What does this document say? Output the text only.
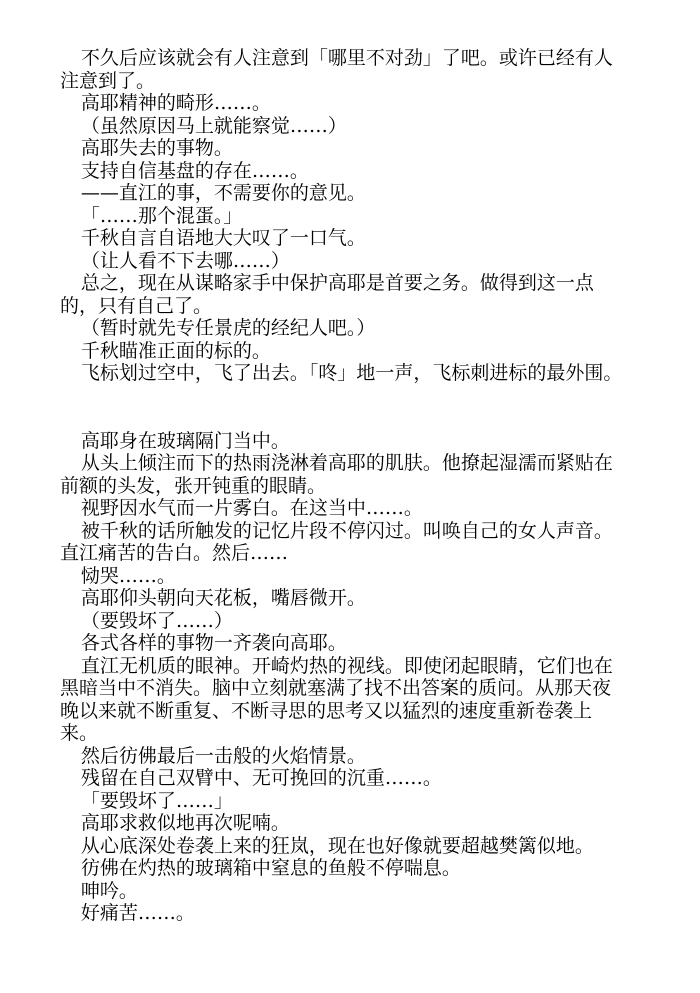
不久后应该就会有人注意到「哪里不对劲」了吧。或许已经有人注意到了。

高耶精神的畸形……。

（虽然原因马上就能察觉……）

高耶失去的事物。

支持自信基盘的存在……。

——直江的事，不需要你的意见。

「……那个混蛋。」

千秋自言自语地大大叹了一口气。

（让人看不下去哪……）

总之，现在从谋略家手中保护高耶是首要之务。做得到这一点的，只有自己了。

（暂时就先专任景虎的经纪人吧。）

千秋瞄准正面的标的。

飞标划过空中，飞了出去。「咚」地一声，飞标刺进标的最外围。

高耶身在玻璃隔门当中。

从头上倾注而下的热雨浇淋着高耶的肌肤。他撩起湿濡而紧贴在前额的头发，张开钝重的眼睛。

视野因水气而一片雾白。在这当中……。

被千秋的话所触发的记忆片段不停闪过。叫唤自己的女人声音。直江痛苦的告白。然后……

恸哭……。

高耶仰头朝向天花板，嘴唇微开。

（要毁坏了……）

各式各样的事物一齐袭向高耶。

直江无机质的眼神。开崎灼热的视线。即使闭起眼睛，它们也在黑暗当中不消失。脑中立刻就塞满了找不出答案的质问。从那天夜晚以来就不断重复、不断寻思的思考又以猛烈的速度重新卷袭上来。

然后彷佛最后一击般的火焰情景。

残留在自己双臂中、无可挽回的沉重……。

「要毁坏了……」

高耶求救似地再次呢喃。

从心底深处卷袭上来的狂岚，现在也好像就要超越樊篱似地。

彷佛在灼热的玻璃箱中窒息的鱼般不停喘息。

呻吟。

好痛苦……。
